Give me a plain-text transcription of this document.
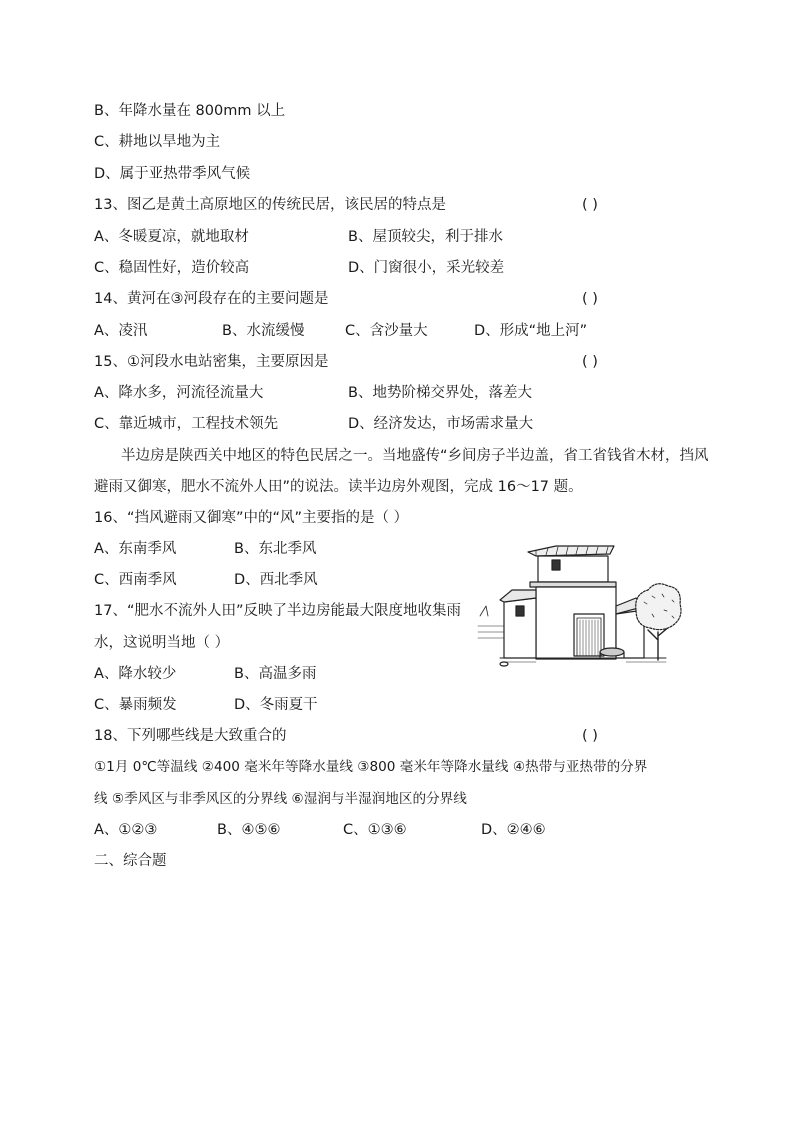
B、年降水量在 800mm 以上
C、耕地以旱地为主
D、属于亚热带季风气候
13、图乙是黄土高原地区的传统民居，该民居的特点是	( )
A、冬暖夏凉，就地取材	B、屋顶较尖，利于排水
C、稳固性好，造价较高	D、门窗很小，采光较差
14、黄河在③河段存在的主要问题是	( )
A、凌汛	B、水流缓慢	C、含沙量大	D、形成“地上河”
15、①河段水电站密集，主要原因是	( )
A、降水多，河流径流量大	B、地势阶梯交界处，落差大
C、靠近城市，工程技术领先	D、经济发达，市场需求量大
半边房是陕西关中地区的特色民居之一。当地盛传“乡间房子半边盖，省工省钱省木材，挡风
避雨又御寒，肥水不流外人田”的说法。读半边房外观图，完成 16～17 题。
16、“挡风避雨又御寒”中的“风”主要指的是（ ）
A、东南季风	B、东北季风
C、西南季风	D、西北季风
17、“肥水不流外人田”反映了半边房能最大限度地收集雨
水，这说明当地（ ）
A、降水较少	B、高温多雨
C、暴雨频发	D、冬雨夏干
18、下列哪些线是大致重合的	( )
①1月 0℃等温线 ②400 毫米年等降水量线 ③800 毫米年等降水量线 ④热带与亚热带的分界
线 ⑤季风区与非季风区的分界线 ⑥湿润与半湿润地区的分界线
A、①②③	B、④⑤⑥	C、①③⑥	D、②④⑥
二、综合题
